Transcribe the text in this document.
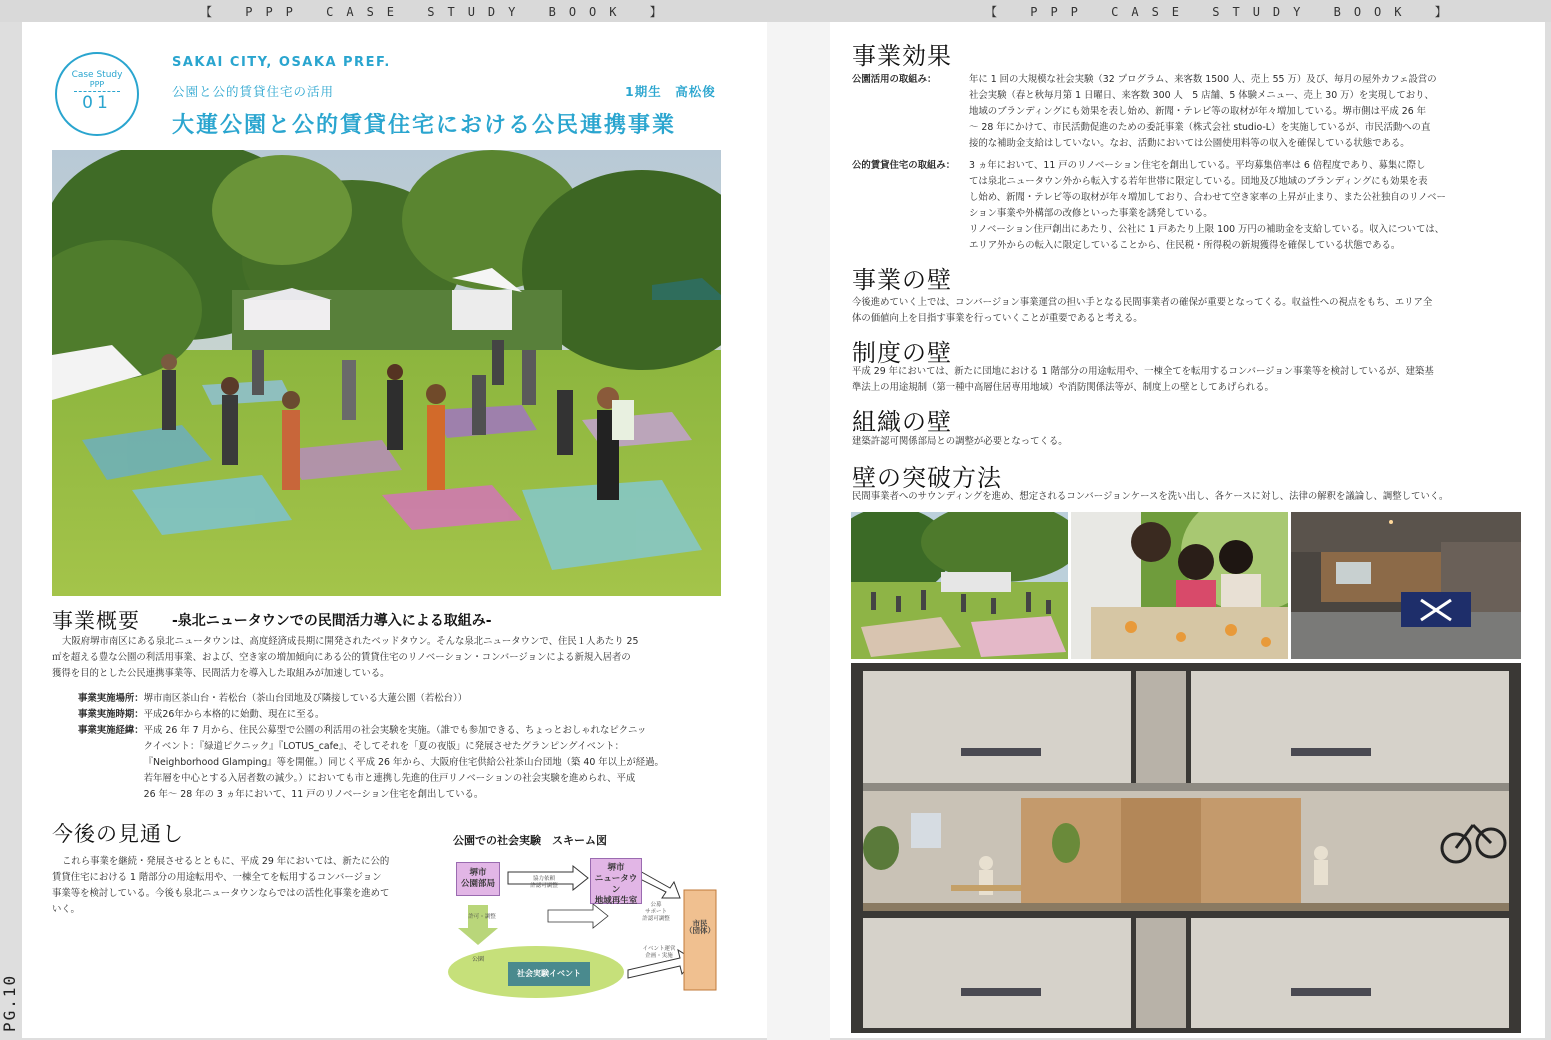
【 PPP CASE STUDY BOOK 】	【 PPP CASE STUDY BOOK 】
PG.10
Case Study
PPP
01
SAKAI CITY, OSAKA PREF.
公園と公的賃貸住宅の活用	1期生　高松俊
大蓮公園と公的賃貸住宅における公民連携事業
事業概要 -泉北ニュータウンでの民間活力導入による取組み-
大阪府堺市南区にある泉北ニュータウンは、高度経済成長期に開発されたベッドタウン。そんな泉北ニュータウンで、住民１人あたり 25
㎡を超える豊な公園の利活用事業、および、空き家の増加傾向にある公的賃貸住宅のリノベーション・コンバージョンによる新規入居者の
獲得を目的とした公民連携事業等、民間活力を導入した取組みが加速している。
事業実施場所： 堺市南区茶山台・若松台（茶山台団地及び隣接している大蓮公園（若松台））
事業実施時期： 平成26年から本格的に始動、現在に至る。
事業実施経緯： 平成 26 年 7 月から、住民公募型で公園の利活用の社会実験を実施。（誰でも参加できる、ちょっとおしゃれなピクニッ
クイベント：『緑道ピクニック』『LOTUS_cafe』、そしてそれを「夏の夜版」に発展させたグランピングイベント：
『Neighborhood Glamping』等を開催。）同じく平成 26 年から、大阪府住宅供給公社茶山台団地（築 40 年以上が経過。
若年層を中心とする入居者数の減少。）においても市と連携し先進的住戸リノベーションの社会実験を進められ、平成
26 年～ 28 年の 3 ヵ年において、11 戸のリノベーション住宅を創出している。
今後の見通し
これら事業を継続・発展させるとともに、平成 29 年においては、新たに公的
賃貸住宅における 1 階部分の用途転用や、一棟全てを転用するコンバージョン
事業等を検討している。今後も泉北ニュータウンならではの活性化事業を進めて
いく。
公園での社会実験　スキーム図
堺市
公園部局
堺市
ニュータウン
地域再生室
市民
（団体）
協力依頼
許認可調整
公募
サポート
許認可調整
イベント運営
企画・実施
許可・調整
公園
社会実験イベント
事業効果
公園活用の取組み：	年に 1 回の大規模な社会実験（32 プログラム、来客数 1500 人、売上 55 万）及び、毎月の屋外カフェ設営の
社会実験（春と秋毎月第 1 日曜日、来客数 300 人　5 店舗、5 体験メニュー、売上 30 万）を実現しており、
地域のブランディングにも効果を表し始め、新聞・テレビ等の取材が年々増加している。堺市側は平成 26 年
～ 28 年にかけて、市民活動促進のための委託事業（株式会社 studio-L）を実施しているが、市民活動への直
接的な補助金支給はしていない。なお、活動においては公園使用料等の収入を確保している状態である。
公的賃貸住宅の取組み：	3 ヵ年において、11 戸のリノベーション住宅を創出している。平均募集倍率は 6 倍程度であり、募集に際し
ては泉北ニュータウン外から転入する若年世帯に限定している。団地及び地域のブランディングにも効果を表
し始め、新聞・テレビ等の取材が年々増加しており、合わせて空き家率の上昇が止まり、また公社独自のリノベー
ション事業や外構部の改修といった事業を誘発している。
リノベーション住戸創出にあたり、公社に 1 戸あたり上限 100 万円の補助金を支給している。収入については、
エリア外からの転入に限定していることから、住民税・所得税の新規獲得を確保している状態である。
事業の壁
今後進めていく上では、コンバージョン事業運営の担い手となる民間事業者の確保が重要となってくる。収益性への視点をもち、エリア全
体の価値向上を目指す事業を行っていくことが重要であると考える。
制度の壁
平成 29 年においては、新たに団地における 1 階部分の用途転用や、一棟全てを転用するコンバージョン事業等を検討しているが、建築基
準法上の用途規制（第一種中高層住居専用地域）や消防関係法等が、制度上の壁としてあげられる。
組織の壁
建築許認可関係部局との調整が必要となってくる。
壁の突破方法
民間事業者へのサウンディングを進め、想定されるコンバージョンケースを洗い出し、各ケースに対し、法律の解釈を議論し、調整していく。
